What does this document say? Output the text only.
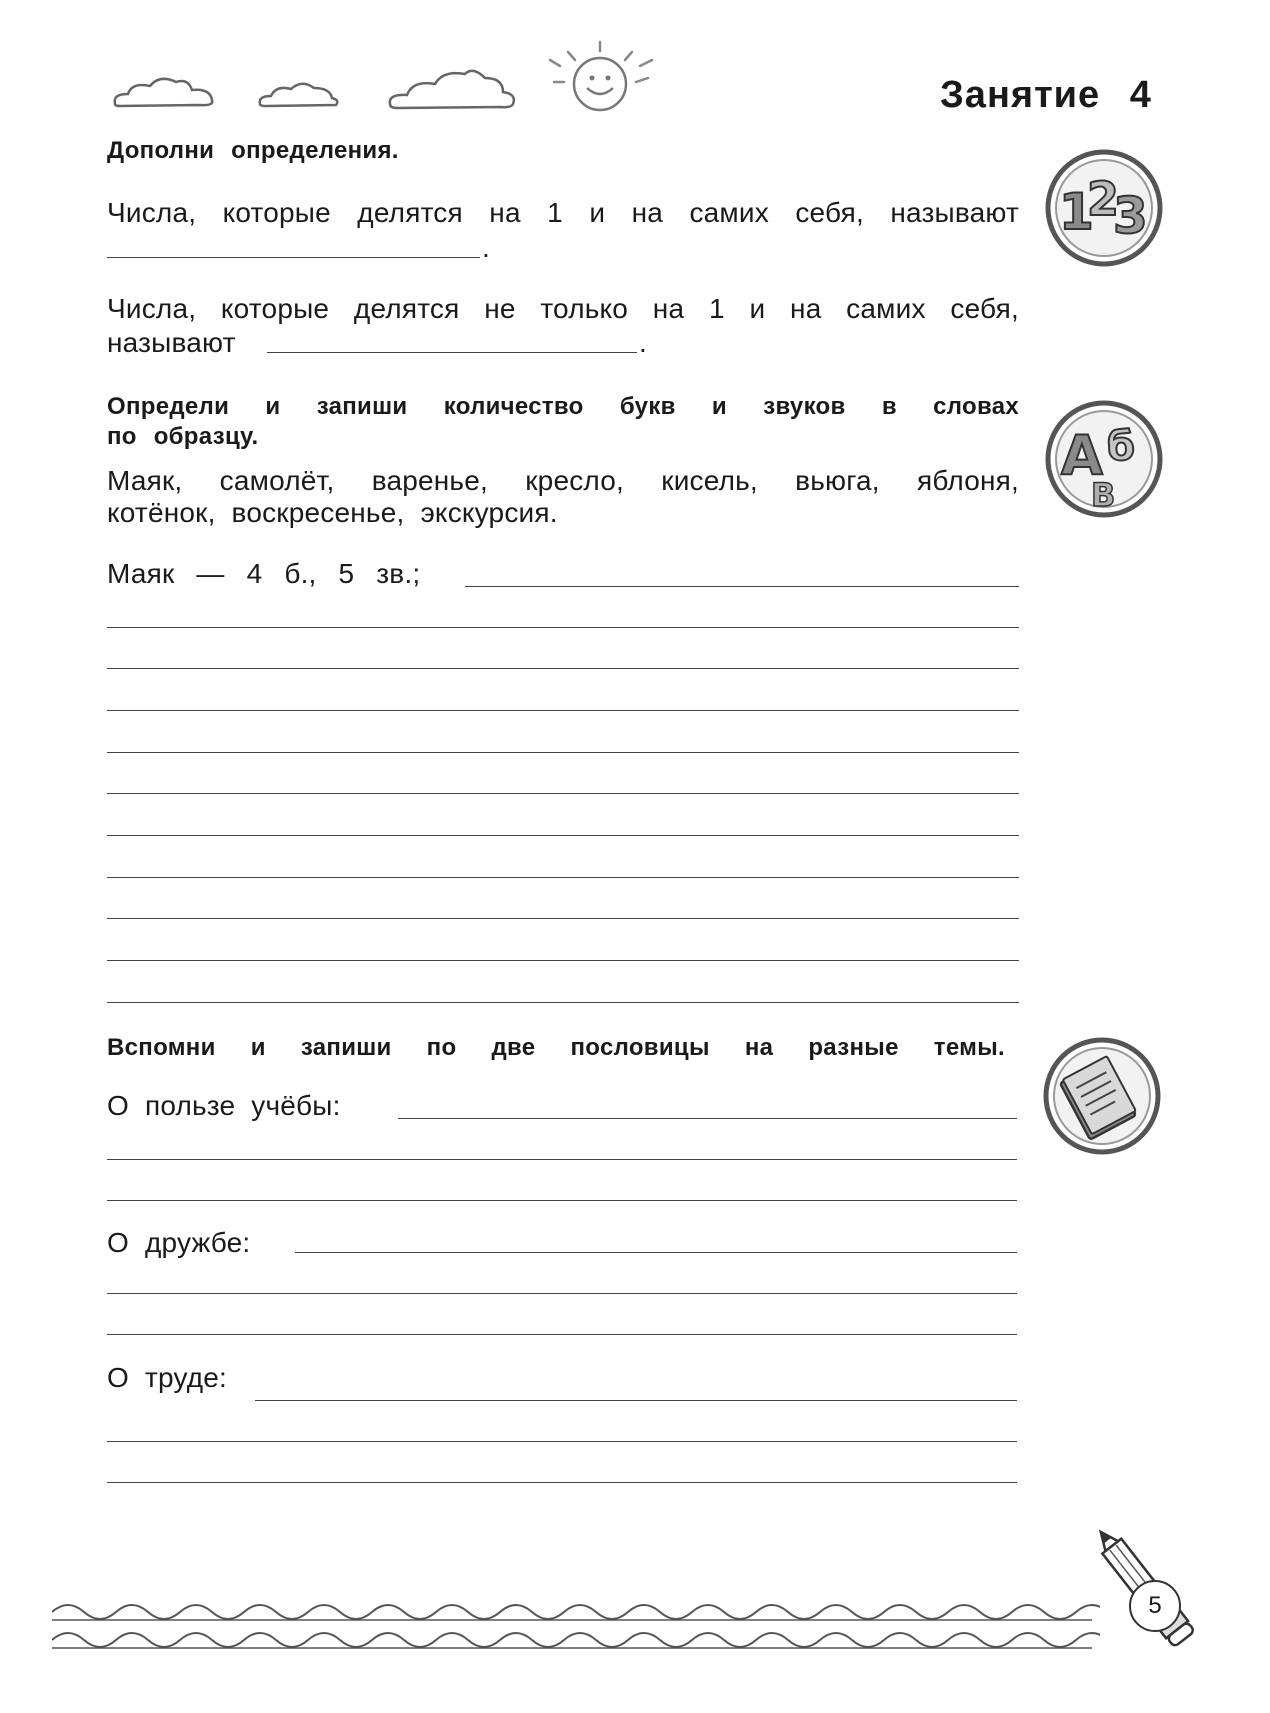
Занятие 4
Дополни определения.
Числа, которые делятся на 1 и на самих себя, называют
.
Числа, которые делятся не только на 1 и на самих себя,
называют	.
1
2
3
Определи и запиши количество букв и звуков в словах
по образцу.
Маяк, самолёт, варенье, кресло, кисель, вьюга, яблоня,
котёнок, воскресенье, экскурсия.
Маяк — 4 б., 5 зв.;
A б
B
Вспомни и запиши по две пословицы на разные темы.
О пользе учёбы:
О дружбе:
О труде:
5
